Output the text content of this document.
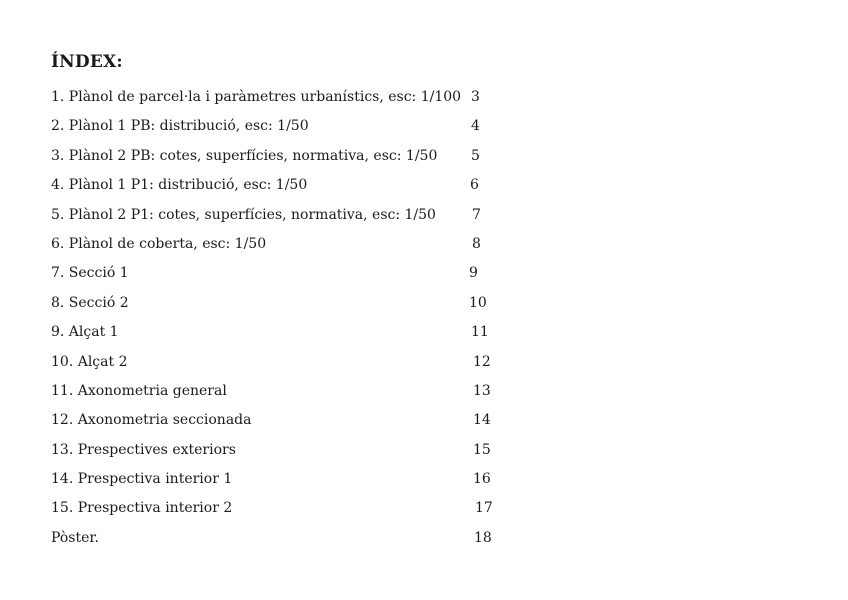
ÍNDEX:
1. Plànol de parcel·la i paràmetres urbanístics, esc: 1/100 3
2. Plànol 1 PB: distribució, esc: 1/50	4
3. Plànol 2 PB: cotes, superfícies, normativa, esc: 1/50 5
4. Plànol 1 P1: distribució, esc: 1/50	6
5. Plànol 2 P1: cotes, superfícies, normativa, esc: 1/50	7
6. Plànol de coberta, esc: 1/50	8
7. Secció 1	9
8. Secció 2	10
9. Alçat 1	11
10. Alçat 2	12
11. Axonometria general	13
12. Axonometria seccionada	14
13. Prespectives exteriors	15
14. Prespectiva interior 1	16
15. Prespectiva interior 2	17
Pòster.	18
